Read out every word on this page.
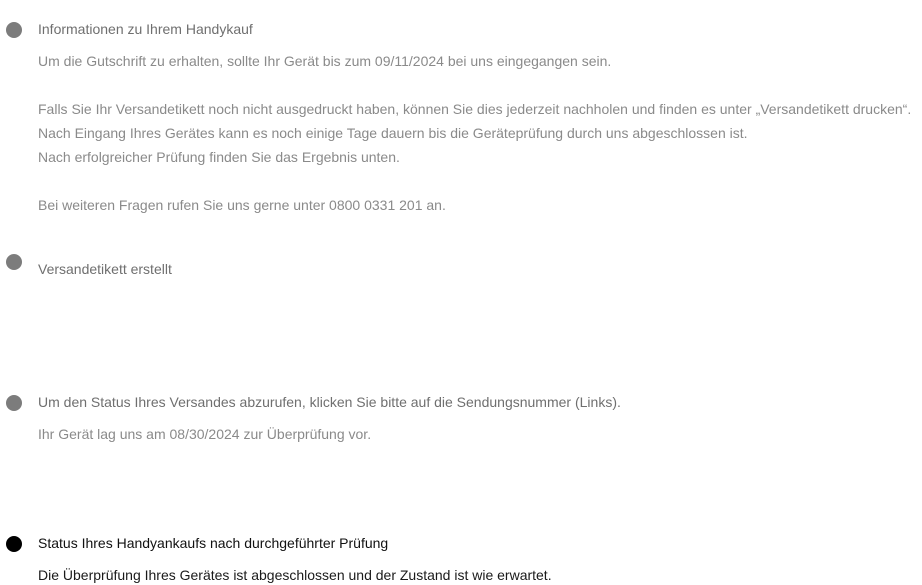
Informationen zu Ihrem Handykauf
Um die Gutschrift zu erhalten, sollte Ihr Gerät bis zum 09/11/2024 bei uns eingegangen sein.
Falls Sie Ihr Versandetikett noch nicht ausgedruckt haben, können Sie dies jederzeit nachholen und finden es unter „Versandetikett drucken“.
Nach Eingang Ihres Gerätes kann es noch einige Tage dauern bis die Geräteprüfung durch uns abgeschlossen ist.
Nach erfolgreicher Prüfung finden Sie das Ergebnis unten.
Bei weiteren Fragen rufen Sie uns gerne unter 0800 0331 201 an.
Versandetikett erstellt
Um den Status Ihres Versandes abzurufen, klicken Sie bitte auf die Sendungsnummer (Links).
Ihr Gerät lag uns am 08/30/2024 zur Überprüfung vor.
Status Ihres Handyankaufs nach durchgeführter Prüfung
Die Überprüfung Ihres Gerätes ist abgeschlossen und der Zustand ist wie erwartet.
